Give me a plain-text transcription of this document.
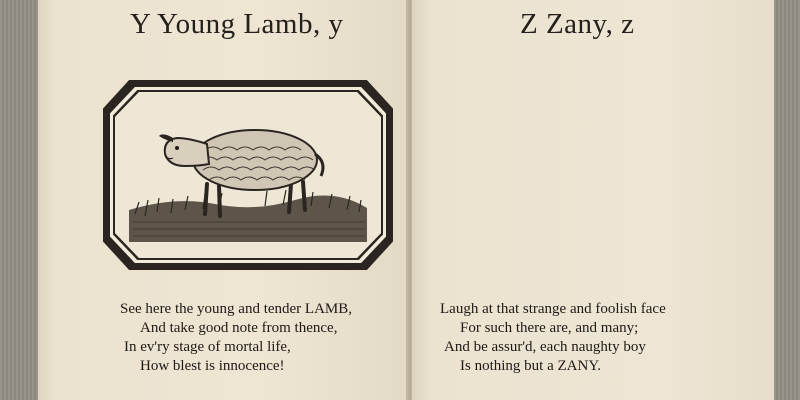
Y Young Lamb, y
See here the young and tender LAMB,
And take good note from thence,
In ev'ry stage of mortal life,
How blest is innocence!
Z Zany, z
Laugh at that strange and foolish face
For such there are, and many;
And be assur'd, each naughty boy
Is nothing but a ZANY.
